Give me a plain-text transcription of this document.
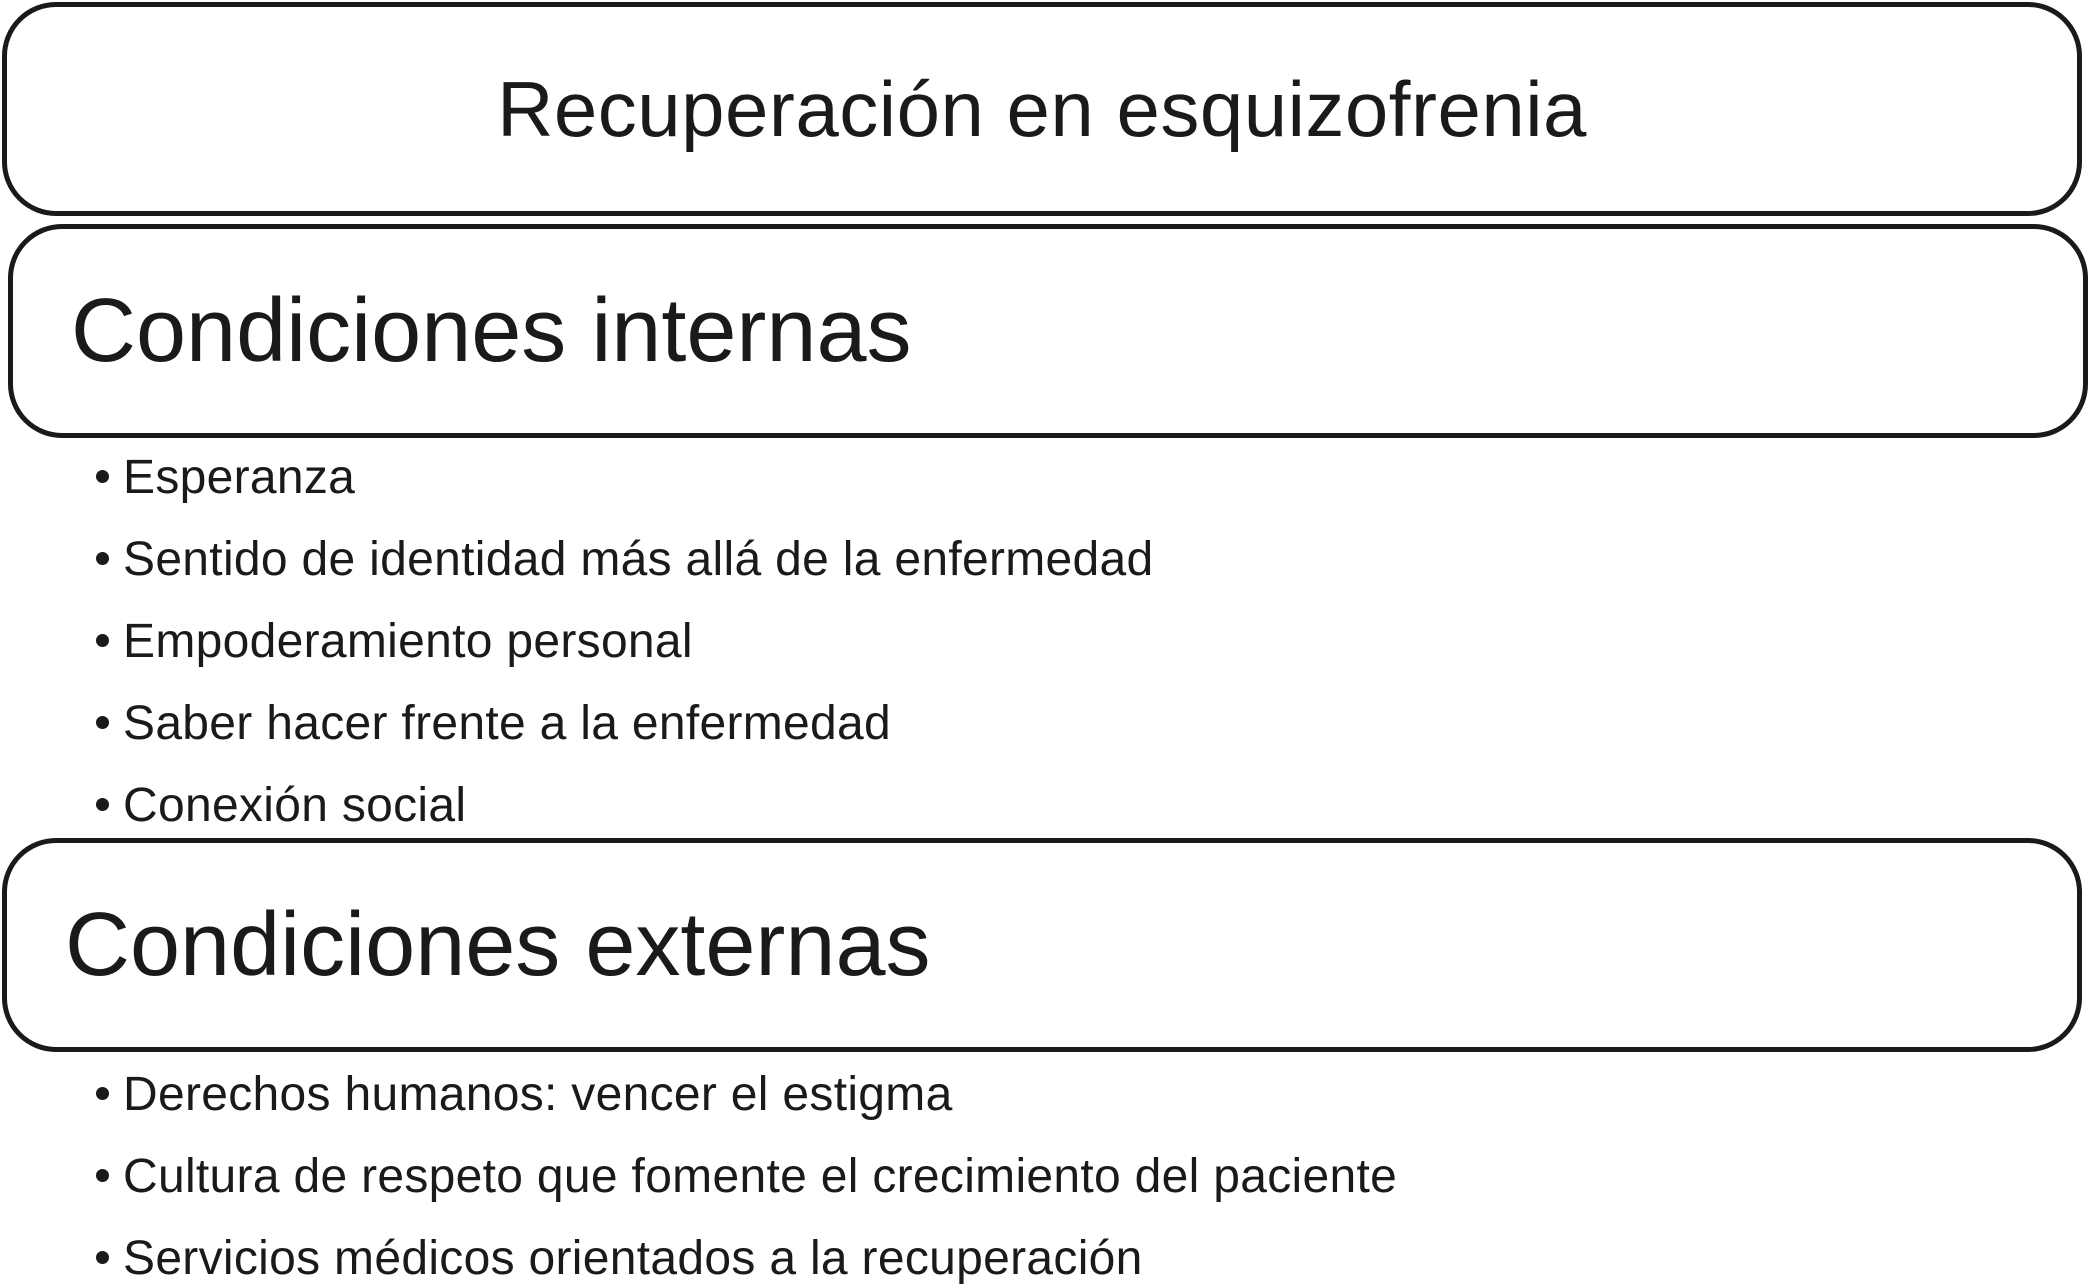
Recuperación en esquizofrenia
Condiciones internas
Esperanza
Sentido de identidad más allá de la enfermedad
Empoderamiento personal
Saber hacer frente a la enfermedad
Conexión social
Condiciones externas
Derechos humanos: vencer el estigma
Cultura de respeto que fomente el crecimiento del paciente
Servicios médicos orientados a la recuperación
